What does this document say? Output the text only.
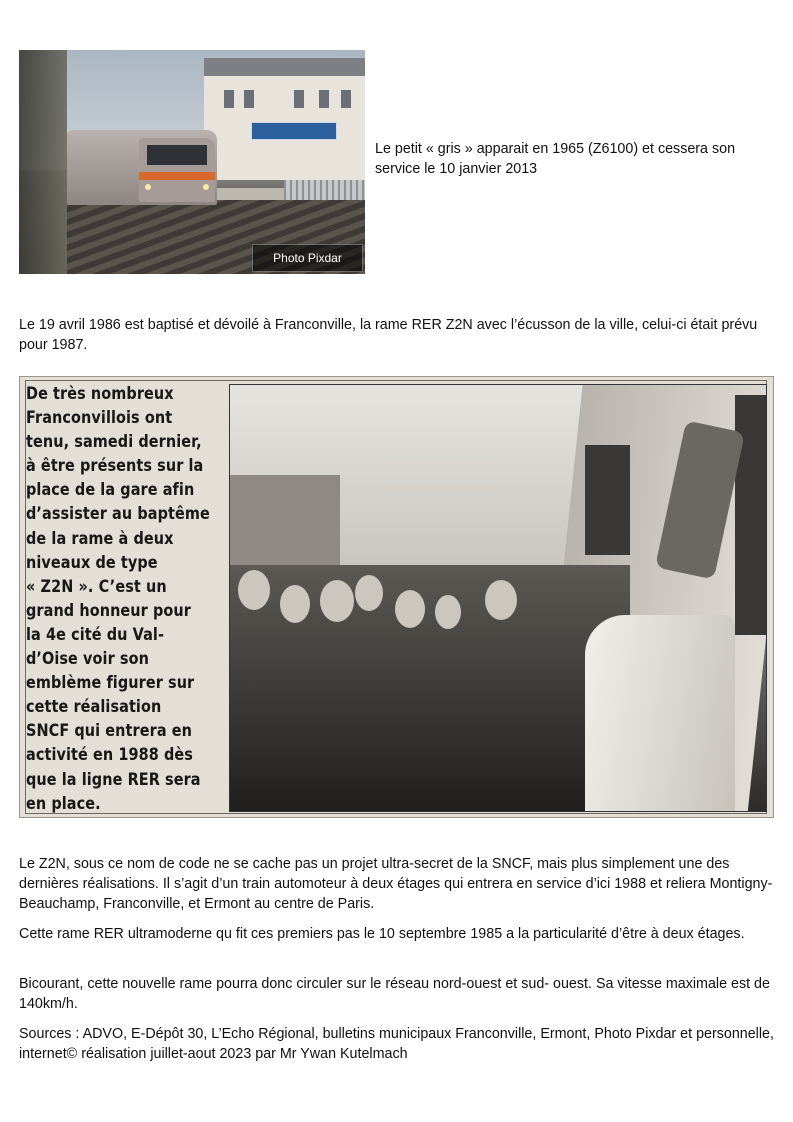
Photo Pixdar
Le petit « gris » apparait en 1965 (Z6100) et cessera son service le 10 janvier 2013
Le 19 avril 1986 est baptisé et dévoilé à Franconville, la rame RER Z2N avec l’écusson de la ville, celui-ci était prévu pour 1987.
De très nombreux
Franconvillois ont
tenu, samedi dernier,
à être présents sur la
place de la gare afin
d’assister au baptême
de la rame à deux
niveaux de type
« Z2N ». C’est un
grand honneur pour
la 4e cité du Val-
d’Oise voir son
emblème figurer sur
cette réalisation
SNCF qui entrera en
activité en 1988 dès
que la ligne RER sera
en place.
Le Z2N, sous ce nom de code ne se cache pas un projet ultra-secret de la SNCF, mais plus simplement une des dernières réalisations. Il s’agit d’un train automoteur à deux étages qui entrera en service d’ici 1988 et reliera Montigny-Beauchamp, Franconville, et Ermont au centre de Paris.
Cette rame RER ultramoderne qu fit ces premiers pas le 10 septembre 1985 a la particularité d’être à deux étages.
Bicourant, cette nouvelle rame pourra donc circuler sur le réseau nord-ouest et sud- ouest. Sa vitesse maximale est de 140km/h.
Sources : ADVO, E-Dépôt 30, L’Echo Régional, bulletins municipaux Franconville, Ermont, Photo Pixdar et personnelle, internet© réalisation juillet-aout 2023 par Mr Ywan Kutelmach
